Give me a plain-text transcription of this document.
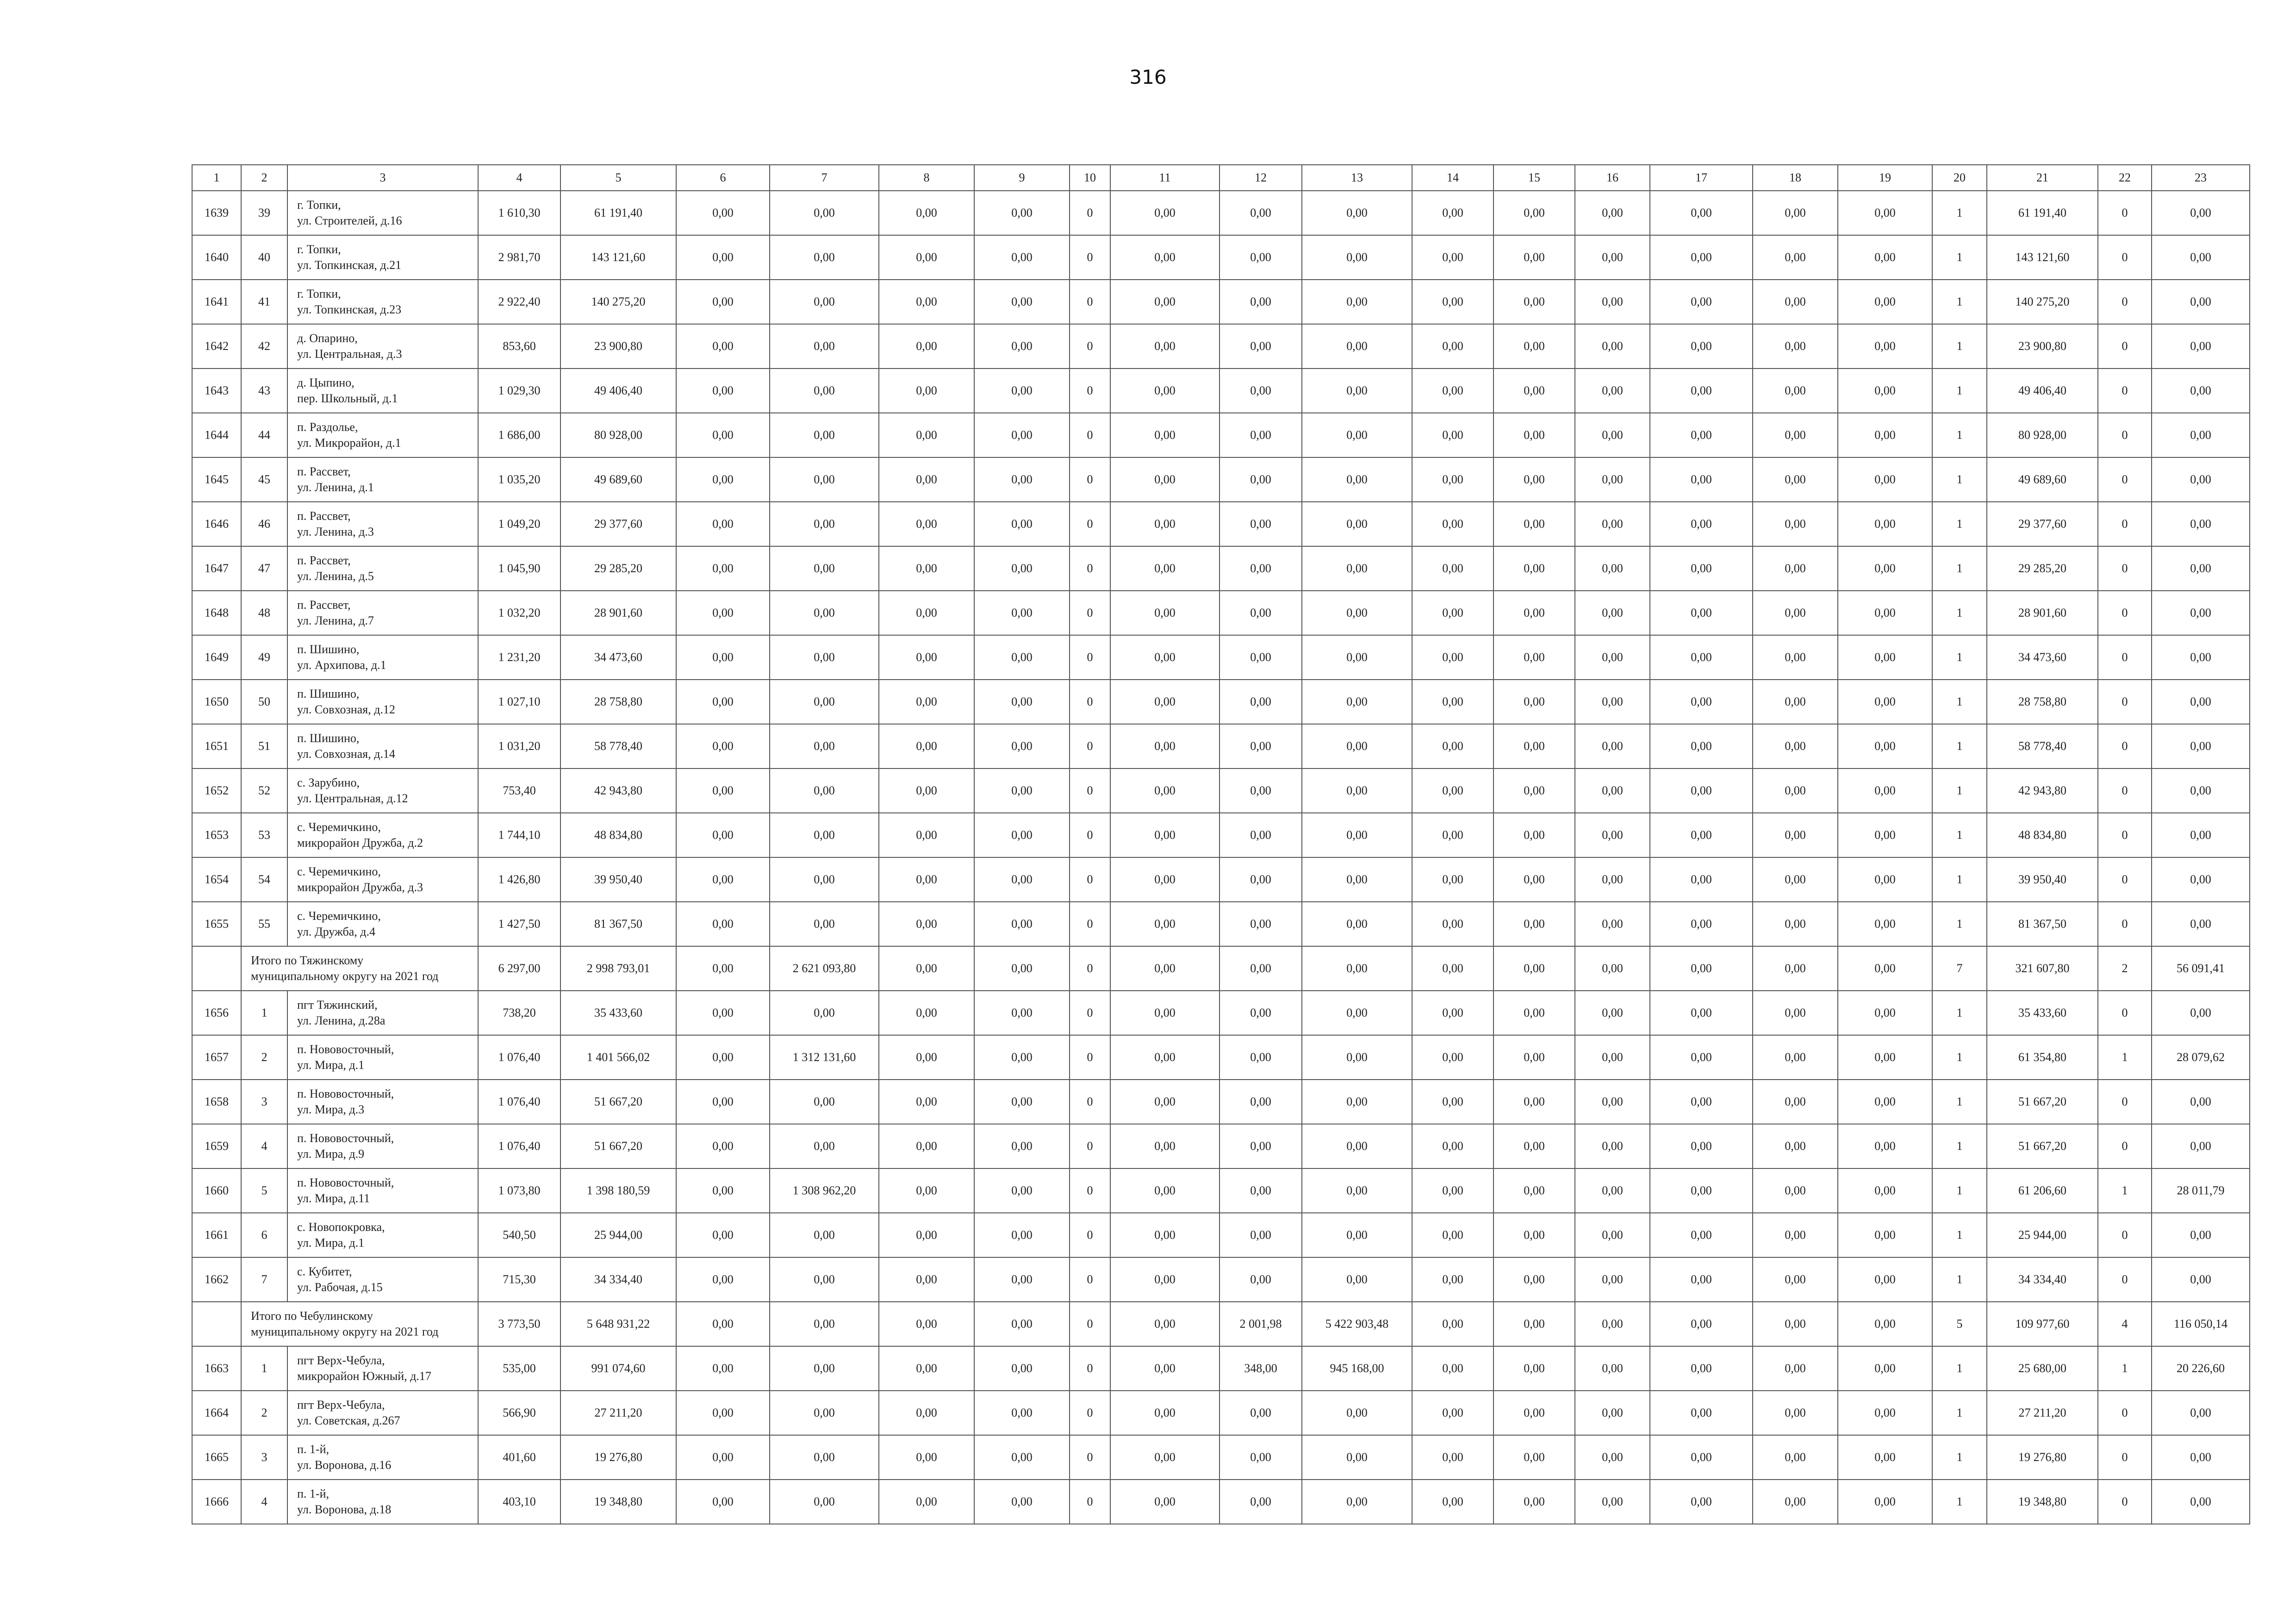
316
1	2	3	4	5	6	7	8	9	10	11	12	13	14	15	16	17	18	19	20	21	22	23
1639	39	г. Топки,
ул. Строителей, д.16	1 610,30	61 191,40	0,00	0,00	0,00	0,00	0	0,00	0,00	0,00	0,00	0,00	0,00	0,00	0,00	0,00	1	61 191,40	0	0,00
1640	40	г. Топки,
ул. Топкинская, д.21	2 981,70	143 121,60	0,00	0,00	0,00	0,00	0	0,00	0,00	0,00	0,00	0,00	0,00	0,00	0,00	0,00	1	143 121,60	0	0,00
1641	41	г. Топки,
ул. Топкинская, д.23	2 922,40	140 275,20	0,00	0,00	0,00	0,00	0	0,00	0,00	0,00	0,00	0,00	0,00	0,00	0,00	0,00	1	140 275,20	0	0,00
1642	42	д. Опарино,
ул. Центральная, д.3	853,60	23 900,80	0,00	0,00	0,00	0,00	0	0,00	0,00	0,00	0,00	0,00	0,00	0,00	0,00	0,00	1	23 900,80	0	0,00
1643	43	д. Цыпино,
пер. Школьный, д.1	1 029,30	49 406,40	0,00	0,00	0,00	0,00	0	0,00	0,00	0,00	0,00	0,00	0,00	0,00	0,00	0,00	1	49 406,40	0	0,00
1644	44	п. Раздолье,
ул. Микрорайон, д.1	1 686,00	80 928,00	0,00	0,00	0,00	0,00	0	0,00	0,00	0,00	0,00	0,00	0,00	0,00	0,00	0,00	1	80 928,00	0	0,00
1645	45	п. Рассвет,
ул. Ленина, д.1	1 035,20	49 689,60	0,00	0,00	0,00	0,00	0	0,00	0,00	0,00	0,00	0,00	0,00	0,00	0,00	0,00	1	49 689,60	0	0,00
1646	46	п. Рассвет,
ул. Ленина, д.3	1 049,20	29 377,60	0,00	0,00	0,00	0,00	0	0,00	0,00	0,00	0,00	0,00	0,00	0,00	0,00	0,00	1	29 377,60	0	0,00
1647	47	п. Рассвет,
ул. Ленина, д.5	1 045,90	29 285,20	0,00	0,00	0,00	0,00	0	0,00	0,00	0,00	0,00	0,00	0,00	0,00	0,00	0,00	1	29 285,20	0	0,00
1648	48	п. Рассвет,
ул. Ленина, д.7	1 032,20	28 901,60	0,00	0,00	0,00	0,00	0	0,00	0,00	0,00	0,00	0,00	0,00	0,00	0,00	0,00	1	28 901,60	0	0,00
1649	49	п. Шишино,
ул. Архипова, д.1	1 231,20	34 473,60	0,00	0,00	0,00	0,00	0	0,00	0,00	0,00	0,00	0,00	0,00	0,00	0,00	0,00	1	34 473,60	0	0,00
1650	50	п. Шишино,
ул. Совхозная, д.12	1 027,10	28 758,80	0,00	0,00	0,00	0,00	0	0,00	0,00	0,00	0,00	0,00	0,00	0,00	0,00	0,00	1	28 758,80	0	0,00
1651	51	п. Шишино,
ул. Совхозная, д.14	1 031,20	58 778,40	0,00	0,00	0,00	0,00	0	0,00	0,00	0,00	0,00	0,00	0,00	0,00	0,00	0,00	1	58 778,40	0	0,00
1652	52	с. Зарубино,
ул. Центральная, д.12	753,40	42 943,80	0,00	0,00	0,00	0,00	0	0,00	0,00	0,00	0,00	0,00	0,00	0,00	0,00	0,00	1	42 943,80	0	0,00
1653	53	с. Черемичкино,
микрорайон Дружба, д.2	1 744,10	48 834,80	0,00	0,00	0,00	0,00	0	0,00	0,00	0,00	0,00	0,00	0,00	0,00	0,00	0,00	1	48 834,80	0	0,00
1654	54	с. Черемичкино,
микрорайон Дружба, д.3	1 426,80	39 950,40	0,00	0,00	0,00	0,00	0	0,00	0,00	0,00	0,00	0,00	0,00	0,00	0,00	0,00	1	39 950,40	0	0,00
1655	55	с. Черемичкино,
ул. Дружба, д.4	1 427,50	81 367,50	0,00	0,00	0,00	0,00	0	0,00	0,00	0,00	0,00	0,00	0,00	0,00	0,00	0,00	1	81 367,50	0	0,00

	Итого по Тяжинскому
муниципальному округу на 2021 год		6 297,00	2 998 793,01	0,00	2 621 093,80	0,00	0,00	0	0,00	0,00	0,00	0,00	0,00	0,00	0,00	0,00	0,00	7	321 607,80	2	56 091,41
1656	1	пгт Тяжинский,
ул. Ленина, д.28а	738,20	35 433,60	0,00	0,00	0,00	0,00	0	0,00	0,00	0,00	0,00	0,00	0,00	0,00	0,00	0,00	1	35 433,60	0	0,00
1657	2	п. Нововосточный,
ул. Мира, д.1	1 076,40	1 401 566,02	0,00	1 312 131,60	0,00	0,00	0	0,00	0,00	0,00	0,00	0,00	0,00	0,00	0,00	0,00	1	61 354,80	1	28 079,62
1658	3	п. Нововосточный,
ул. Мира, д.3	1 076,40	51 667,20	0,00	0,00	0,00	0,00	0	0,00	0,00	0,00	0,00	0,00	0,00	0,00	0,00	0,00	1	51 667,20	0	0,00
1659	4	п. Нововосточный,
ул. Мира, д.9	1 076,40	51 667,20	0,00	0,00	0,00	0,00	0	0,00	0,00	0,00	0,00	0,00	0,00	0,00	0,00	0,00	1	51 667,20	0	0,00
1660	5	п. Нововосточный,
ул. Мира, д.11	1 073,80	1 398 180,59	0,00	1 308 962,20	0,00	0,00	0	0,00	0,00	0,00	0,00	0,00	0,00	0,00	0,00	0,00	1	61 206,60	1	28 011,79
1661	6	с. Новопокровка,
ул. Мира, д.1	540,50	25 944,00	0,00	0,00	0,00	0,00	0	0,00	0,00	0,00	0,00	0,00	0,00	0,00	0,00	0,00	1	25 944,00	0	0,00
1662	7	с. Кубитет,
ул. Рабочая, д.15	715,30	34 334,40	0,00	0,00	0,00	0,00	0	0,00	0,00	0,00	0,00	0,00	0,00	0,00	0,00	0,00	1	34 334,40	0	0,00

	Итого по Чебулинскому
муниципальному округу на 2021 год		3 773,50	5 648 931,22	0,00	0,00	0,00	0,00	0	0,00	2 001,98	5 422 903,48	0,00	0,00	0,00	0,00	0,00	0,00	5	109 977,60	4	116 050,14
1663	1	пгт Верх-Чебула,
микрорайон Южный, д.17	535,00	991 074,60	0,00	0,00	0,00	0,00	0	0,00	348,00	945 168,00	0,00	0,00	0,00	0,00	0,00	0,00	1	25 680,00	1	20 226,60
1664	2	пгт Верх-Чебула,
ул. Советская, д.267	566,90	27 211,20	0,00	0,00	0,00	0,00	0	0,00	0,00	0,00	0,00	0,00	0,00	0,00	0,00	0,00	1	27 211,20	0	0,00
1665	3	п. 1-й,
ул. Воронова, д.16	401,60	19 276,80	0,00	0,00	0,00	0,00	0	0,00	0,00	0,00	0,00	0,00	0,00	0,00	0,00	0,00	1	19 276,80	0	0,00
1666	4	п. 1-й,
ул. Воронова, д.18	403,10	19 348,80	0,00	0,00	0,00	0,00	0	0,00	0,00	0,00	0,00	0,00	0,00	0,00	0,00	0,00	1	19 348,80	0	0,00
